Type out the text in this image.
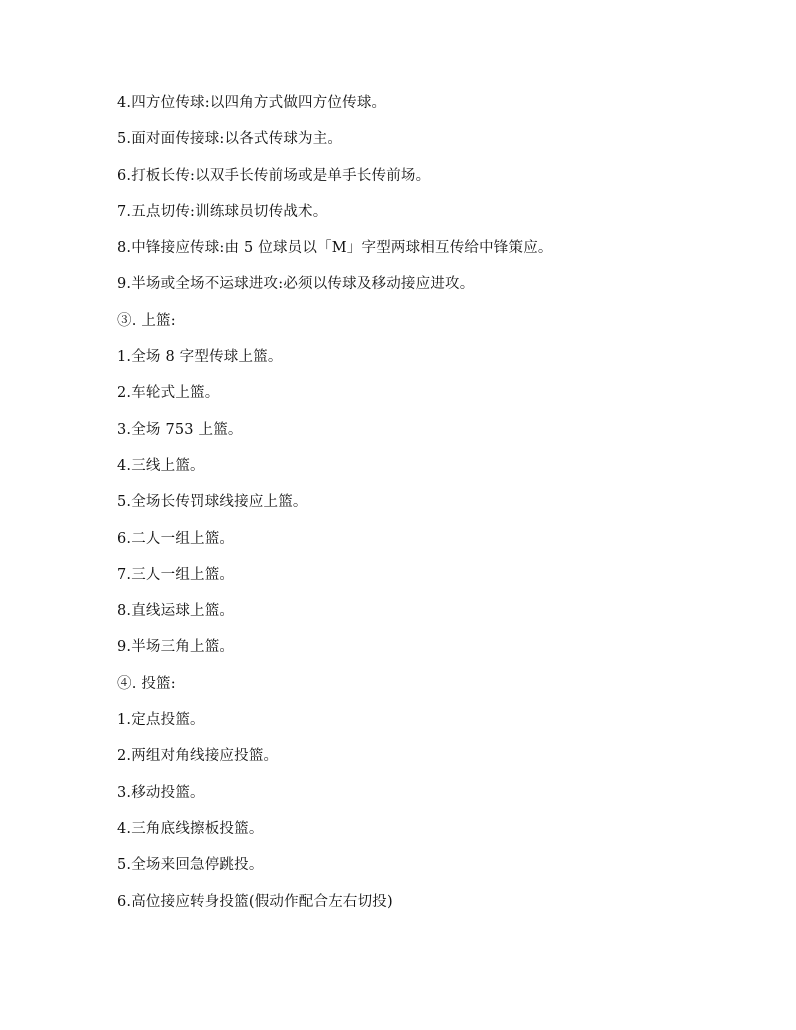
4.四方位传球:以四角方式做四方位传球。
5.面对面传接球:以各式传球为主。
6.打板长传:以双手长传前场或是单手长传前场。
7.五点切传:训练球员切传战术。
8.中锋接应传球:由 5 位球员以「M」字型两球相互传给中锋策应。
9.半场或全场不运球进攻:必须以传球及移动接应进攻。
③. 上篮:
1.全场 8 字型传球上篮。
2.车轮式上篮。
3.全场 753 上篮。
4.三线上篮。
5.全场长传罚球线接应上篮。
6.二人一组上篮。
7.三人一组上篮。
8.直线运球上篮。
9.半场三角上篮。
④. 投篮:
1.定点投篮。
2.两组对角线接应投篮。
3.移动投篮。
4.三角底线擦板投篮。
5.全场来回急停跳投。
6.高位接应转身投篮(假动作配合左右切投)
